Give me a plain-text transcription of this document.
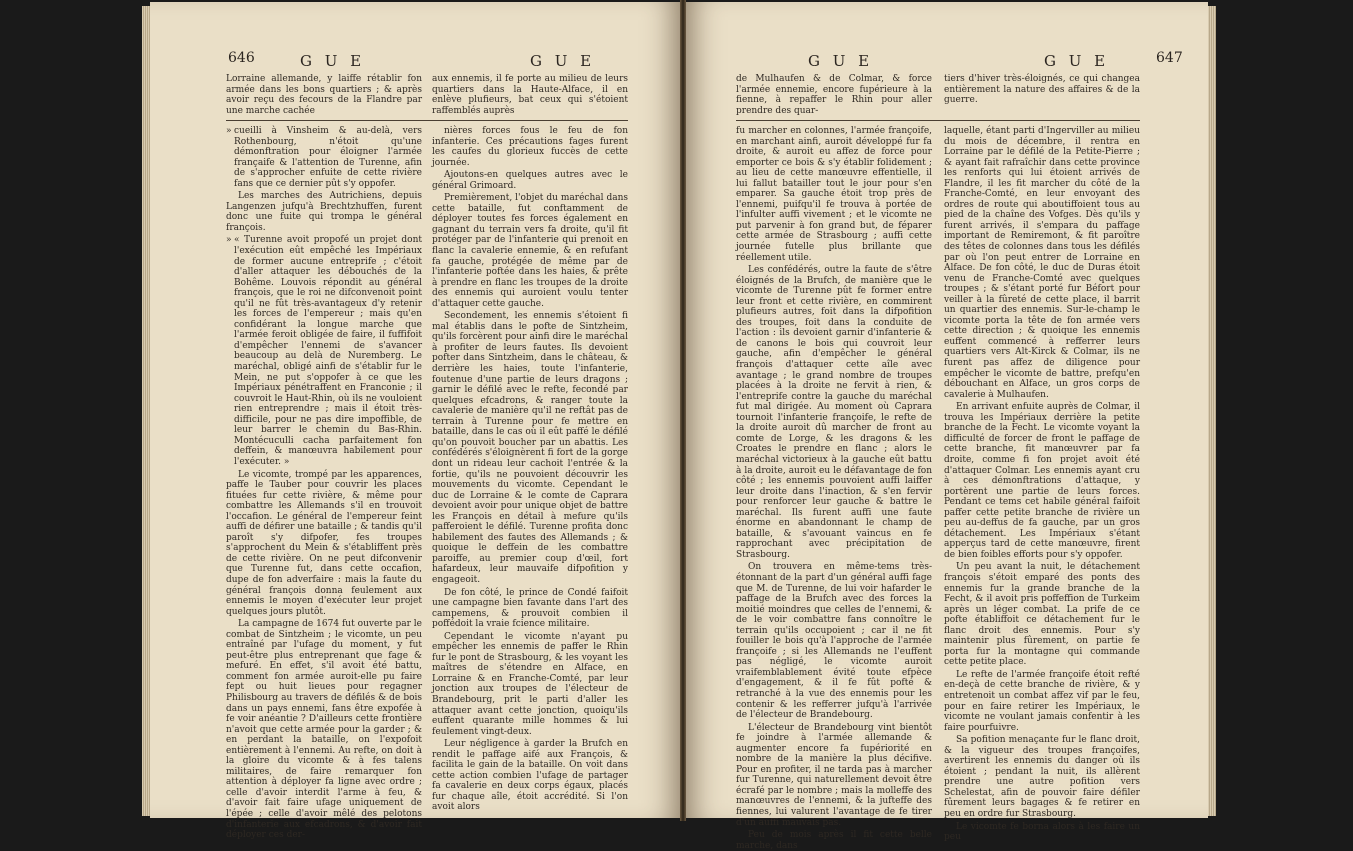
646	G U E	G U E

Lorraine allemande, y laiffe rétablir fon armée dans les bons quartiers ; & après avoir reçu des fecours de la Flandre par une marche cachée

aux ennemis, il fe porte au milieu de leurs quartiers dans la Haute-Alface, il en enlève plufieurs, bat ceux qui s'étoient raffemblés auprès

» cueilli à Vinsheim & au-delà, vers Rothenbourg, n'étoit qu'une démonftration pour éloigner l'armée françaife & l'attention de Turenne, afin de s'approcher enfuite de cette rivière fans que ce dernier pût s'y oppofer.

Les marches des Autrichiens, depuis Langenzen jufqu'à Brechtzhuffen, furent donc une fuite qui trompa le général françois.

» « Turenne avoit propofé un projet dont l'exécution eût empêché les Impériaux de former aucune entreprife ; c'étoit d'aller attaquer les débouchés de la Bohême. Louvois répondit au général françois, que le roi ne difconvenoit point qu'il ne fût très-avantageux d'y retenir les forces de l'empereur ; mais qu'en confidérant la longue marche que l'armée feroit obligée de faire, il fuffifoit d'empêcher l'ennemi de s'avancer beaucoup au delà de Nuremberg. Le maréchal, obligé ainfi de s'établir fur le Mein, ne put s'oppofer à ce que les Impériaux pénétraffent en Franconie ; il couvroit le Haut-Rhin, où ils ne vouloient rien entreprendre ; mais il étoit très-difficile, pour ne pas dire impoffible, de leur barrer le chemin du Bas-Rhin. Montécuculli cacha parfaitement fon deffein, & manœuvra habilement pour l'exécuter. »

Le vicomte, trompé par les apparences, paffe le Tauber pour couvrir les places fituées fur cette rivière, & même pour combattre les Allemands s'il en trouvoit l'occafion. Le général de l'empereur feint auffi de défirer une bataille ; & tandis qu'il paroît s'y difpofer, fes troupes s'approchent du Mein & s'établiffent près de cette rivière. On ne peut difconvenir que Turenne fut, dans cette occafion, dupe de fon adverfaire : mais la faute du général françois donna feulement aux ennemis le moyen d'exécuter leur projet quelques jours plutôt.

La campagne de 1674 fut ouverte par le combat de Sintzheim ; le vicomte, un peu entraîné par l'ufage du moment, y fut peut-être plus entreprenant que fage & mefuré. En effet, s'il avoit été battu, comment fon armée auroit-elle pu faire fept ou huit lieues pour regagner Philisbourg au travers de défilés & de bois dans un pays ennemi, fans être expofée à fe voir anéantie ? D'ailleurs cette frontière n'avoit que cette armée pour la garder ; & en perdant la bataille, on l'expofoit entièrement à l'ennemi. Au refte, on doit à la gloire du vicomte & à fes talens militaires, de faire remarquer fon attention à déployer fa ligne avec ordre ; celle d'avoir interdit l'arme à feu, & d'avoir fait faire ufage uniquement de l'épée ; celle d'avoir mêlé des pelotons d'infanterie aux efcadrons, & d'avoir fait déployer ces der-

nières forces fous le feu de fon infanterie. Ces précautions fages furent les caufes du glorieux fuccès de cette journée.

Ajoutons-en quelques autres avec le général Grimoard.

Premièrement, l'objet du maréchal dans cette bataille, fut conftamment de déployer toutes fes forces également en gagnant du terrain vers fa droite, qu'il fit protéger par de l'infanterie qui prenoit en flanc la cavalerie ennemie, & en refufant fa gauche, protégée de même par de l'infanterie poftée dans les haies, & prête à prendre en flanc les troupes de la droite des ennemis qui auroient voulu tenter d'attaquer cette gauche.

Secondement, les ennemis s'étoient fi mal établis dans le pofte de Sintzheim, qu'ils forcèrent pour ainfi dire le maréchal à profiter de leurs fautes. Ils devoient pofter dans Sintzheim, dans le château, & derrière les haies, toute l'infanterie, foutenue d'une partie de leurs dragons ; garnir le défilé avec le refte, fecondé par quelques efcadrons, & ranger toute la cavalerie de manière qu'il ne reftât pas de terrain à Turenne pour fe mettre en bataille, dans le cas où il eût paffé le défilé qu'on pouvoit boucher par un abattis. Les confédérés s'éloignèrent fi fort de la gorge dont un rideau leur cachoit l'entrée & la fortie, qu'ils ne pouvoient découvrir les mouvements du vicomte. Cependant le duc de Lorraine & le comte de Caprara devoient avoir pour unique objet de battre les François en détail à mefure qu'ils pafferoient le défilé. Turenne profita donc habilement des fautes des Allemands ; & quoique le deffein de les combattre paroiffe, au premier coup d'œil, fort hafardeux, leur mauvaife difpofition y engageoit.

De fon côté, le prince de Condé faifoit une campagne bien favante dans l'art des campemens, & prouvoit combien il poffédoit la vraie fcience militaire.

Cependant le vicomte n'ayant pu empêcher les ennemis de paffer le Rhin fur le pont de Strasbourg, & les voyant les maîtres de s'étendre en Alface, en Lorraine & en Franche-Comté, par leur jonction aux troupes de l'électeur de Brandebourg, prit le parti d'aller les attaquer avant cette jonction, quoiqu'ils euffent quarante mille hommes & lui feulement vingt-deux.

Leur négligence à garder la Brufch en rendit le paffage aifé aux François, & facilita le gain de la bataille. On voit dans cette action combien l'ufage de partager fa cavalerie en deux corps égaux, placés fur chaque aîle, étoit accrédité. Si l'on avoit alors

G U E	G U E	647

de Mulhaufen & de Colmar, & force l'armée ennemie, encore fupérieure à la fienne, à repaffer le Rhin pour aller prendre des quar-

tiers d'hiver très-éloignés, ce qui changea entièrement la nature des affaires & de la guerre.

fu marcher en colonnes, l'armée françoife, en marchant ainfi, auroit développé fur fa droite, & auroit eu affez de force pour emporter ce bois & s'y établir folidement ; au lieu de cette manœuvre effentielle, il lui fallut batailler tout le jour pour s'en emparer. Sa gauche étoit trop près de l'ennemi, puifqu'il fe trouva à portée de l'infulter auffi vivement ; et le vicomte ne put parvenir à fon grand but, de féparer cette armée de Strasbourg ; auffi cette journée futelle plus brillante que réellement utile.

Les confédérés, outre la faute de s'être éloignés de la Brufch, de manière que le vicomte de Turenne pût fe former entre leur front et cette rivière, en commirent plufieurs autres, foit dans la difpofition des troupes, foit dans la conduite de l'action : ils devoient garnir d'infanterie & de canons le bois qui couvroit leur gauche, afin d'empêcher le général françois d'attaquer cette aîle avec avantage ; le grand nombre de troupes placées à la droite ne fervit à rien, & l'entreprife contre la gauche du maréchal fut mal dirigée. Au moment où Caprara tournoit l'infanterie françoife, le refte de la droite auroit dû marcher de front au comte de Lorge, & les dragons & les Croates le prendre en flanc ; alors le maréchal victorieux à la gauche eût battu à la droite, auroit eu le défavantage de fon côté ; les ennemis pouvoient auffi laiffer leur droite dans l'inaction, & s'en fervir pour renforcer leur gauche & battre le maréchal. Ils furent auffi une faute énorme en abandonnant le champ de bataille, & s'avouant vaincus en fe rapprochant avec précipitation de Strasbourg.

On trouvera en même-tems très-étonnant de la part d'un général auffi fage que M. de Turenne, de lui voir hafarder le paffage de la Brufch avec des forces la moitié moindres que celles de l'ennemi, & de le voir combattre fans connoître le terrain qu'ils occupoient ; car il ne fit fouiller le bois qu'à l'approche de l'armée françoife ; si les Allemands ne l'euffent pas négligé, le vicomte auroit vraifemblablement évité toute efpèce d'engagement, & il fe fût pofté & retranché à la vue des ennemis pour les contenir & les refferrer jufqu'à l'arrivée de l'électeur de Brandebourg.

L'électeur de Brandebourg vint bientôt fe joindre à l'armée allemande & augmenter encore fa fupériorité en nombre de la manière la plus décifive. Pour en profiter, il ne tarda pas à marcher fur Turenne, qui naturellement devoit être écrafé par le nombre ; mais la molleffe des manœuvres de l'ennemi, & la jufteffe des fiennes, lui valurent l'avantage de fe tirer d'un auffi mauvais pas.

Peu de mois après il fit cette belle marche, dans

laquelle, étant parti d'Ingerviller au milieu du mois de décembre, il rentra en Lorraine par le défilé de la Petite-Pierre ; & ayant fait rafraîchir dans cette province les renforts qui lui étoient arrivés de Flandre, il les fit marcher du côté de la Franche-Comté, en leur envoyant des ordres de route qui aboutiffoient tous au pied de la chaîne des Vofges. Dès qu'ils y furent arrivés, il s'empara du paffage important de Remiremont, & fit paroître des têtes de colonnes dans tous les défilés par où l'on peut entrer de Lorraine en Alface. De fon côté, le duc de Duras étoit venu de Franche-Comté avec quelques troupes ; & s'étant porté fur Béfort pour veiller à la fûreté de cette place, il barrit un quartier des ennemis. Sur-le-champ le vicomte porta la tête de fon armée vers cette direction ; & quoique les ennemis euffent commencé à refferrer leurs quartiers vers Alt-Kirck & Colmar, ils ne furent pas affez de diligence pour empêcher le vicomte de battre, prefqu'en débouchant en Alface, un gros corps de cavalerie à Mulhaufen.

En arrivant enfuite auprès de Colmar, il trouva les Impériaux derrière la petite branche de la Fecht. Le vicomte voyant la difficulté de forcer de front le paffage de cette branche, fit manœuvrer par fa droite, comme fi fon projet avoit été d'attaquer Colmar. Les ennemis ayant cru à ces démonftrations d'attaque, y portèrent une partie de leurs forces. Pendant ce tems cet habile général faifoit paffer cette petite branche de rivière un peu au-deffus de fa gauche, par un gros détachement. Les Impériaux s'étant apperçus tard de cette manœuvre, firent de bien foibles efforts pour s'y oppofer.

Un peu avant la nuit, le détachement françois s'étoit emparé des ponts des ennemis fur la grande branche de la Fecht, & il avoit pris poffeffion de Turkeim après un léger combat. La prife de ce pofte établiffoit ce détachement fur le flanc droit des ennemis. Pour s'y maintenir plus fûrement, on partie fe porta fur la montagne qui commande cette petite place.

Le refte de l'armée françoife étoit refté en-deçà de cette branche de rivière, & y entretenoit un combat affez vif par le feu, pour en faire retirer les Impériaux, le vicomte ne voulant jamais confentir à les faire pourfuivre.

Sa pofition menaçante fur le flanc droit, & la vigueur des troupes françoifes, avertirent les ennemis du danger où ils étoient ; pendant la nuit, ils allèrent prendre une autre pofition vers Schelestat, afin de pouvoir faire défiler fûrement leurs bagages & fe retirer en peu en ordre fur Strasbourg.

Le vicomte fe borna alors à les faire un peu
